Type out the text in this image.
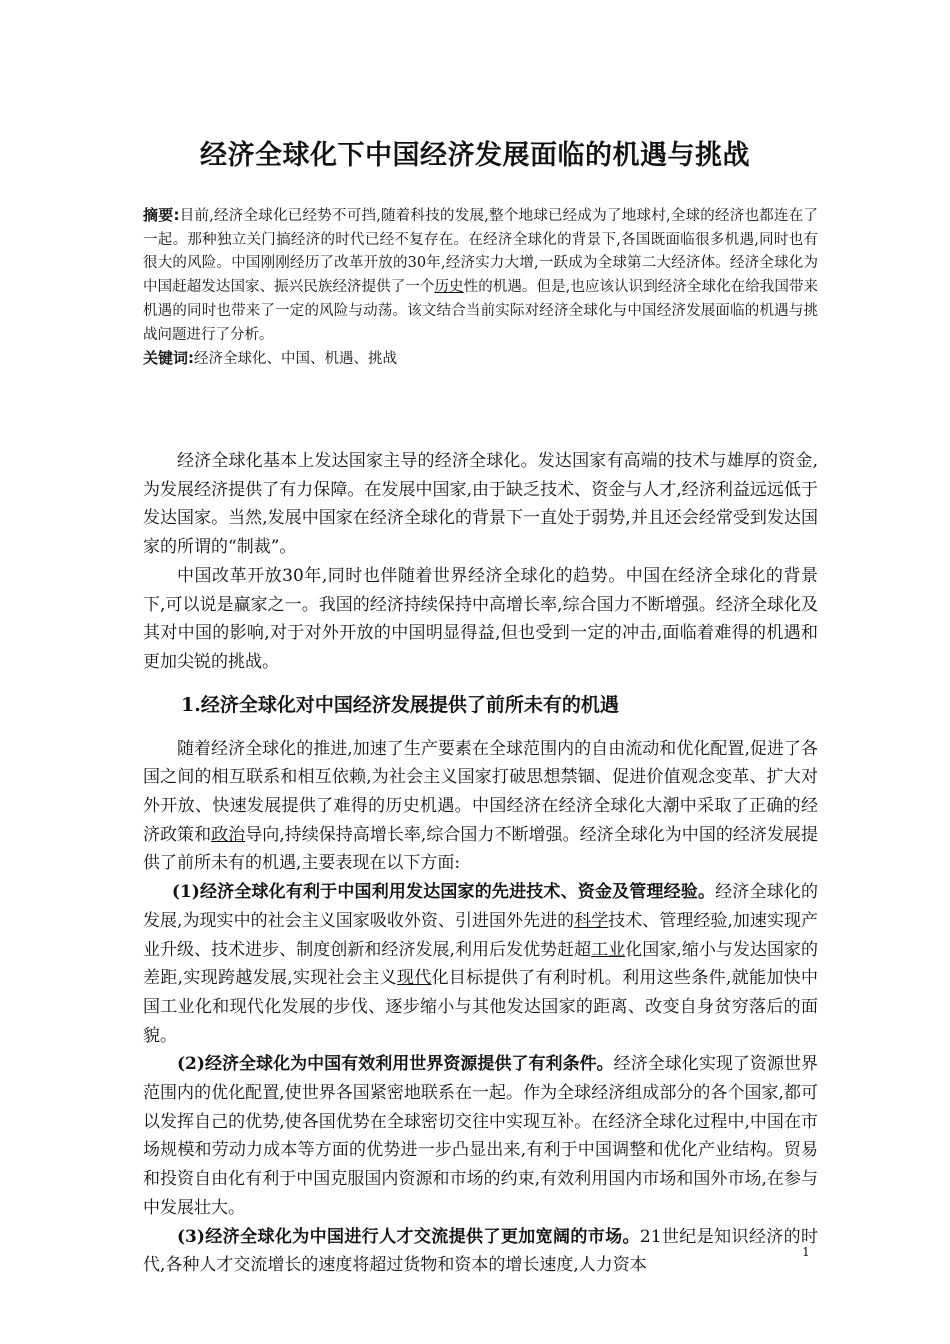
经济全球化下中国经济发展面临的机遇与挑战
摘要:目前,经济全球化已经势不可挡,随着科技的发展,整个地球已经成为了地球村,全球的经济也都连在了一起。那种独立关门搞经济的时代已经不复存在。在经济全球化的背景下,各国既面临很多机遇,同时也有很大的风险。中国刚刚经历了改革开放的30年,经济实力大增,一跃成为全球第二大经济体。经济全球化为中国赶超发达国家、振兴民族经济提供了一个历史性的机遇。但是,也应该认识到经济全球化在给我国带来机遇的同时也带来了一定的风险与动荡。该文结合当前实际对经济全球化与中国经济发展面临的机遇与挑战问题进行了分析。
关键词:经济全球化、中国、机遇、挑战

经济全球化基本上发达国家主导的经济全球化。发达国家有高端的技术与雄厚的资金,为发展经济提供了有力保障。在发展中国家,由于缺乏技术、资金与人才,经济利益远远低于发达国家。当然,发展中国家在经济全球化的背景下一直处于弱势,并且还会经常受到发达国家的所谓的“制裁”。

中国改革开放30年,同时也伴随着世界经济全球化的趋势。中国在经济全球化的背景下,可以说是赢家之一。我国的经济持续保持中高增长率,综合国力不断增强。经济全球化及其对中国的影响,对于对外开放的中国明显得益,但也受到一定的冲击,面临着难得的机遇和更加尖锐的挑战。

1.经济全球化对中国经济发展提供了前所未有的机遇

随着经济全球化的推进,加速了生产要素在全球范围内的自由流动和优化配置,促进了各国之间的相互联系和相互依赖,为社会主义国家打破思想禁锢、促进价值观念变革、扩大对外开放、快速发展提供了难得的历史机遇。中国经济在经济全球化大潮中采取了正确的经济政策和政治导向,持续保持高增长率,综合国力不断增强。经济全球化为中国的经济发展提供了前所未有的机遇,主要表现在以下方面:

(1)经济全球化有利于中国利用发达国家的先进技术、资金及管理经验。经济全球化的发展,为现实中的社会主义国家吸收外资、引进国外先进的科学技术、管理经验,加速实现产业升级、技术进步、制度创新和经济发展,利用后发优势赶超工业化国家,缩小与发达国家的差距,实现跨越发展,实现社会主义现代化目标提供了有利时机。利用这些条件,就能加快中国工业化和现代化发展的步伐、逐步缩小与其他发达国家的距离、改变自身贫穷落后的面貌。

(2)经济全球化为中国有效利用世界资源提供了有利条件。经济全球化实现了资源世界范围内的优化配置,使世界各国紧密地联系在一起。作为全球经济组成部分的各个国家,都可以发挥自己的优势,使各国优势在全球密切交往中实现互补。在经济全球化过程中,中国在市场规模和劳动力成本等方面的优势进一步凸显出来,有利于中国调整和优化产业结构。贸易和投资自由化有利于中国克服国内资源和市场的约束,有效利用国内市场和国外市场,在参与中发展壮大。

(3)经济全球化为中国进行人才交流提供了更加宽阔的市场。21世纪是知识经济的时代,各种人才交流增长的速度将超过货物和资本的增长速度,人力资本

1
